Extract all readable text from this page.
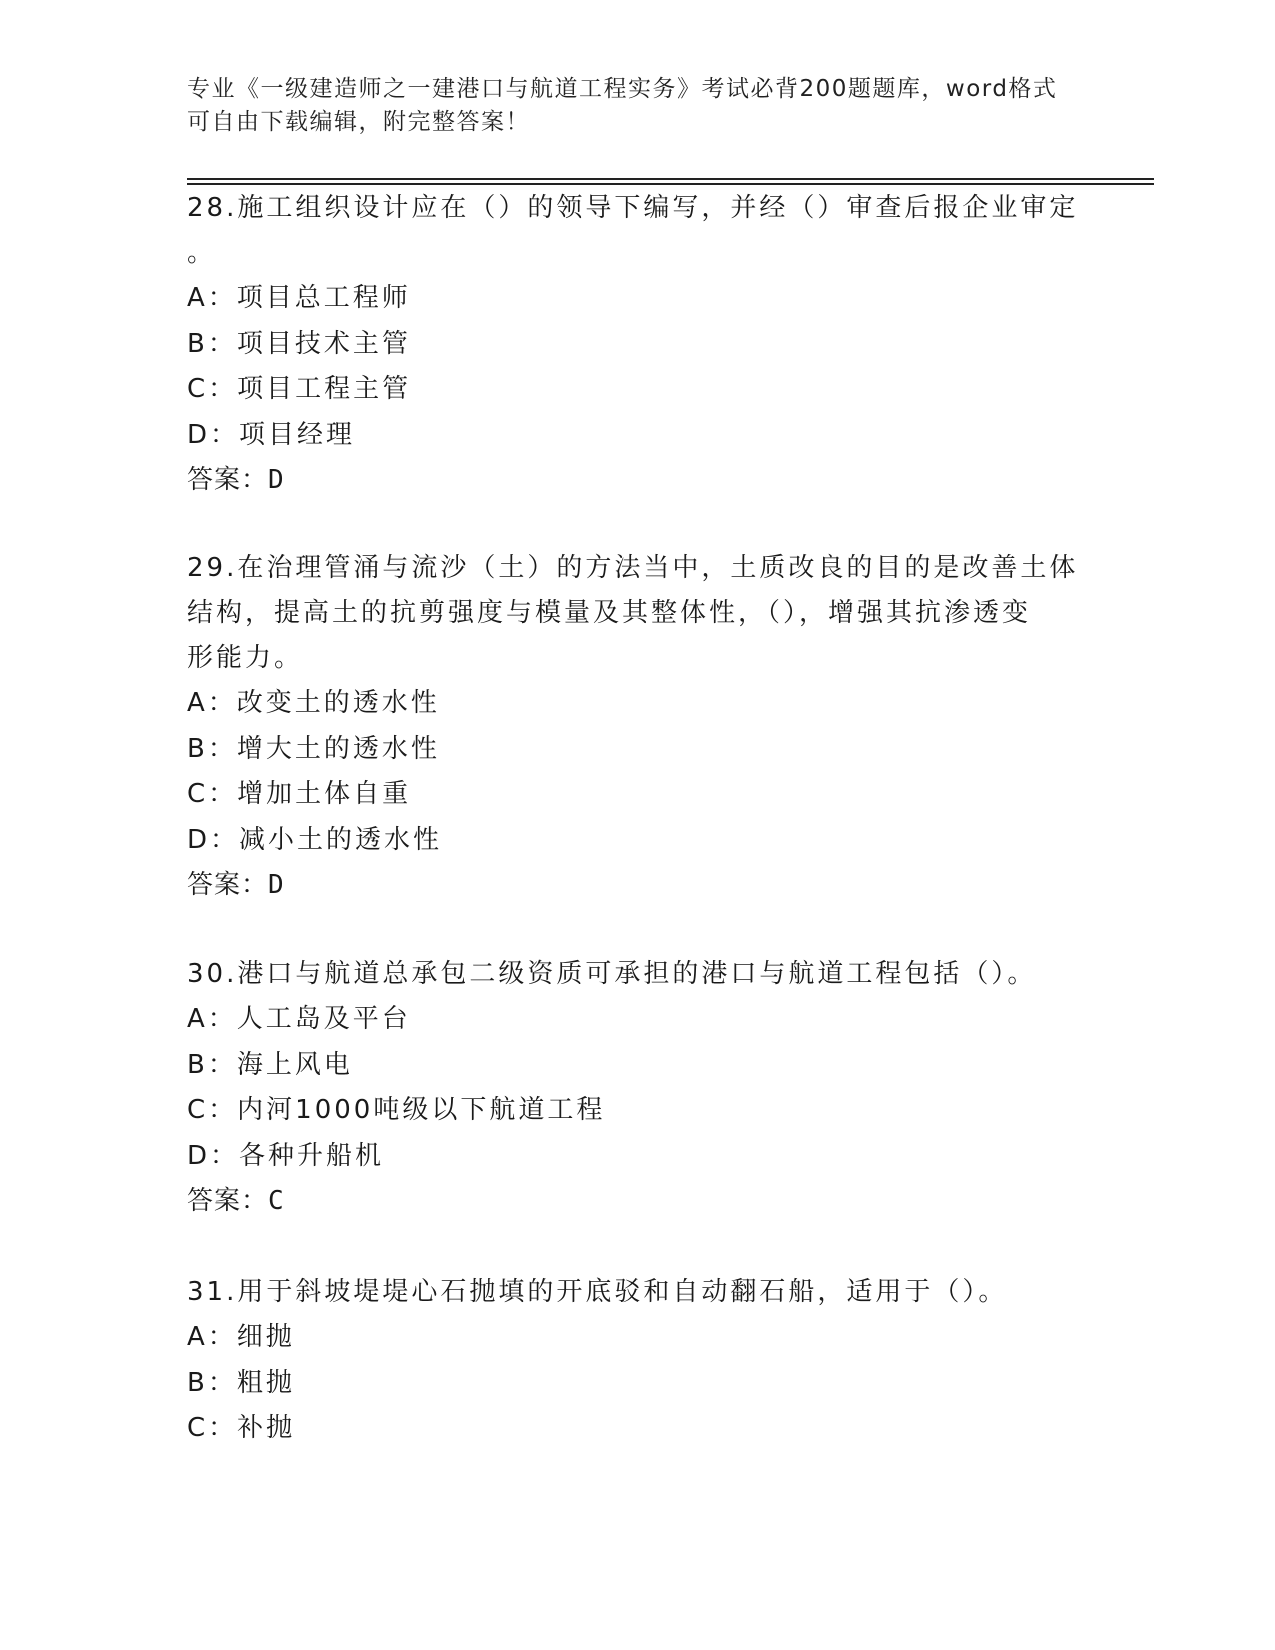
专业《一级建造师之一建港口与航道工程实务》考试必背200题题库，word格式
可自由下载编辑，附完整答案！
28.施工组织设计应在（）的领导下编写，并经（）审查后报企业审定
。
A：项目总工程师
B：项目技术主管
C：项目工程主管
D：项目经理
答案：D
29.在治理管涌与流沙（土）的方法当中，土质改良的目的是改善土体
结构，提高土的抗剪强度与模量及其整体性，（），增强其抗渗透变
形能力。
A：改变土的透水性
B：增大土的透水性
C：增加土体自重
D：减小土的透水性
答案：D
30.港口与航道总承包二级资质可承担的港口与航道工程包括（）。
A：人工岛及平台
B：海上风电
C：内河1000吨级以下航道工程
D：各种升船机
答案：C
31.用于斜坡堤堤心石抛填的开底驳和自动翻石船，适用于（）。
A：细抛
B：粗抛
C：补抛
